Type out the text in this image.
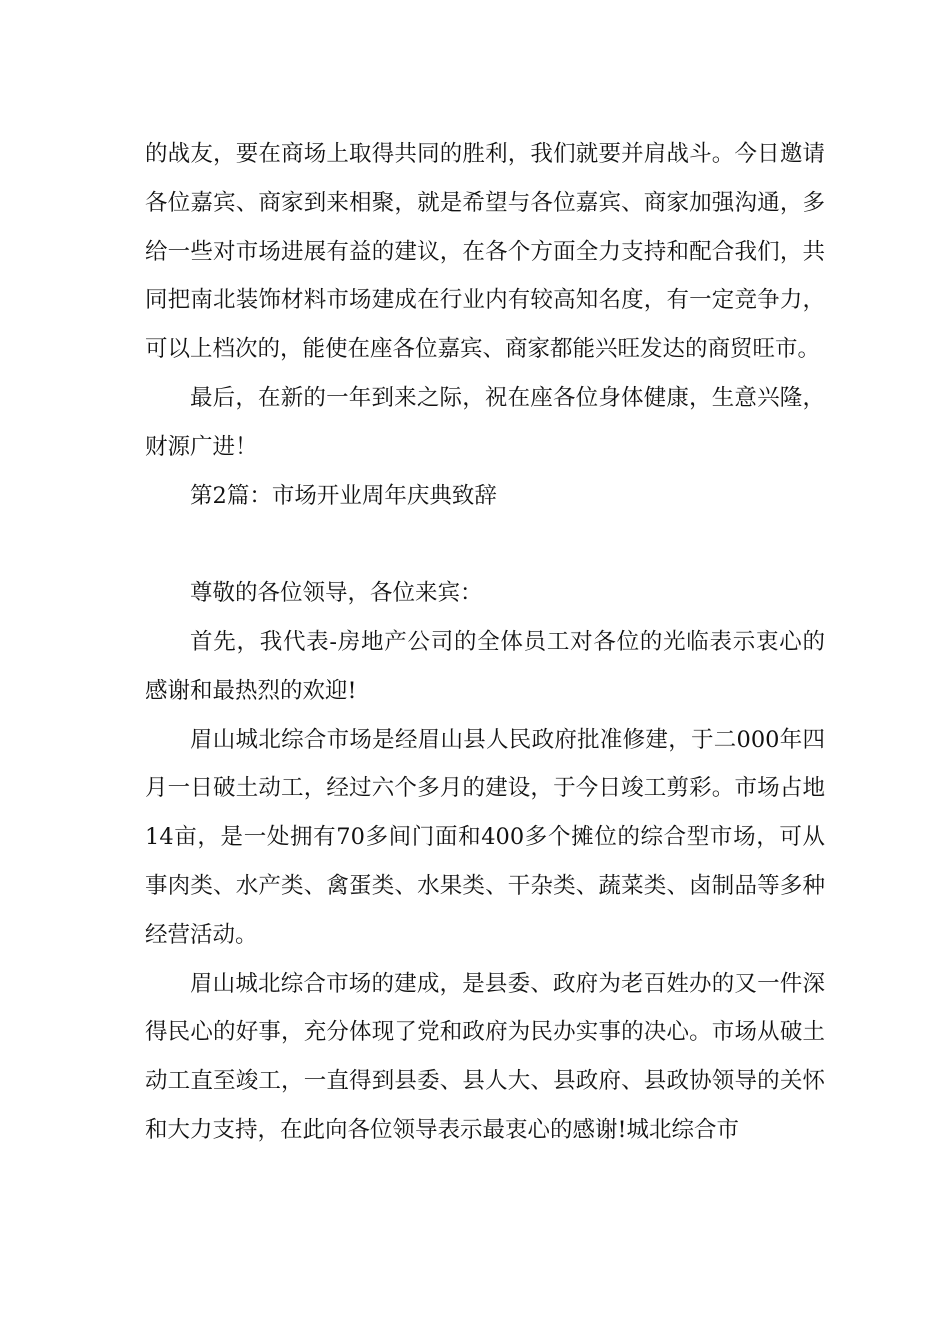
的战友，要在商场上取得共同的胜利，我们就要并肩战斗。今日邀请各位嘉宾、商家到来相聚，就是希望与各位嘉宾、商家加强沟通，多给一些对市场进展有益的建议，在各个方面全力支持和配合我们，共同把南北装饰材料市场建成在行业内有较高知名度，有一定竞争力，可以上档次的，能使在座各位嘉宾、商家都能兴旺发达的商贸旺市。

最后，在新的一年到来之际，祝在座各位身体健康，生意兴隆，财源广进！

第2篇：市场开业周年庆典致辞

尊敬的各位领导，各位来宾：

首先，我代表-房地产公司的全体员工对各位的光临表示衷心的感谢和最热烈的欢迎!

眉山城北综合市场是经眉山县人民政府批准修建，于二000年四月一日破土动工，经过六个多月的建设，于今日竣工剪彩。市场占地14亩，是一处拥有70多间门面和400多个摊位的综合型市场，可从事肉类、水产类、禽蛋类、水果类、干杂类、蔬菜类、卤制品等多种经营活动。

眉山城北综合市场的建成，是县委、政府为老百姓办的又一件深得民心的好事，充分体现了党和政府为民办实事的决心。市场从破土动工直至竣工，一直得到县委、县人大、县政府、县政协领导的关怀和大力支持，在此向各位领导表示最衷心的感谢!城北综合市
